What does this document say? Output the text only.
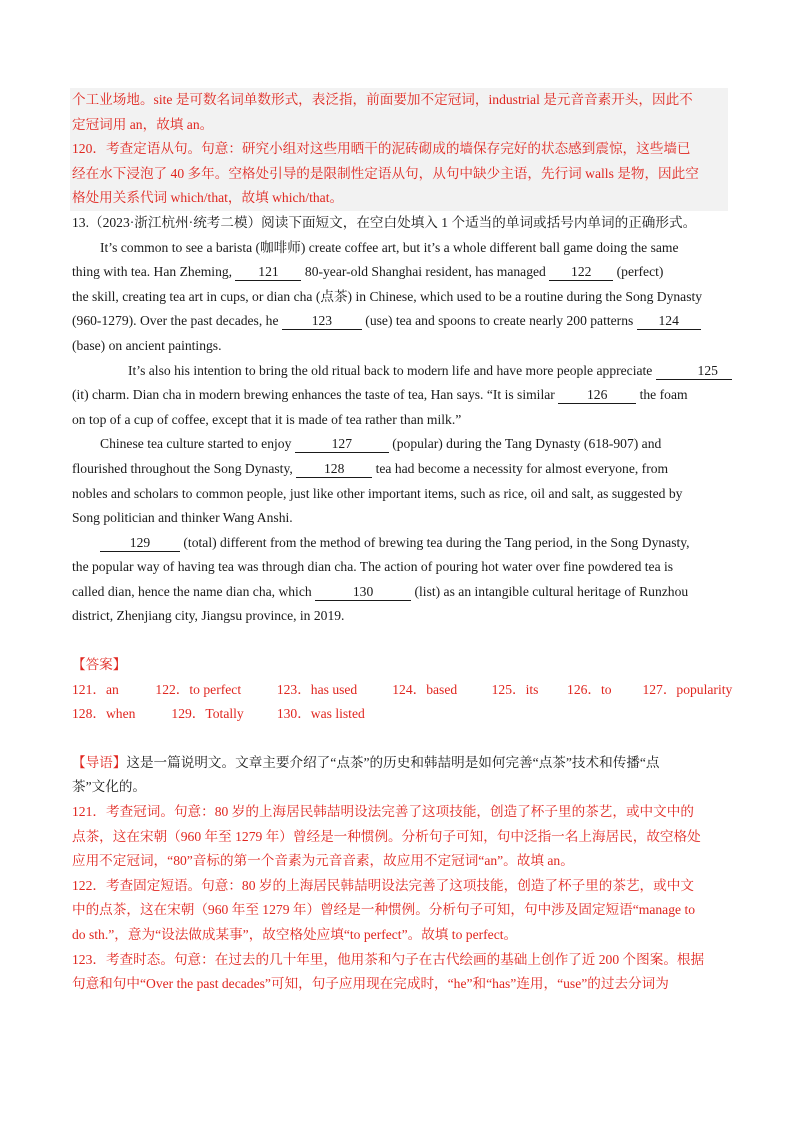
个工业场地。site 是可数名词单数形式，表泛指，前面要加不定冠词，industrial 是元音音素开头，因此不
定冠词用 an，故填 an。
120．考查定语从句。句意：研究小组对这些用晒干的泥砖砌成的墙保存完好的状态感到震惊，这些墙已
经在水下浸泡了 40 多年。空格处引导的是限制性定语从句，从句中缺少主语，先行词 walls 是物，因此空
格处用关系代词 which/that，故填 which/that。
13.（2023·浙江杭州·统考二模）阅读下面短文，在空白处填入 1 个适当的单词或括号内单词的正确形式。
It’s common to see a barista (咖啡师) create coffee art, but it’s a whole different ball game doing the same
thing with tea. Han Zheming, 121 80-year-old Shanghai resident, has managed 122 (perfect)
the skill, creating tea art in cups, or dian cha (点茶) in Chinese, which used to be a routine during the Song Dynasty
(960-1279). Over the past decades, he 123 (use) tea and spoons to create nearly 200 patterns 124
(base) on ancient paintings.
It’s also his intention to bring the old ritual back to modern life and have more people appreciate	125
(it) charm. Dian cha in modern brewing enhances the taste of tea, Han says. “It is similar 126 the foam
on top of a cup of coffee, except that it is made of tea rather than milk.”
Chinese tea culture started to enjoy	127	(popular) during the Tang Dynasty (618-907) and
flourished throughout the Song Dynasty, 128 tea had become a necessity for almost everyone, from
nobles and scholars to common people, just like other important items, such as rice, oil and salt, as suggested by
Song politician and thinker Wang Anshi.
129 (total) different from the method of brewing tea during the Tang period, in the Song Dynasty,
the popular way of having tea was through dian cha. The action of pouring hot water over fine powdered tea is
called dian, hence the name dian cha, which	130	(list) as an intangible cultural heritage of Runzhou
district, Zhenjiang city, Jiangsu province, in 2019.
【答案】
121．an	122．to perfect	123．has used	124．based	125．its 126．to 127．popularity
128．when	129．Totally 130．was listed
【导语】这是一篇说明文。文章主要介绍了“点茶”的历史和韩喆明是如何完善“点茶”技术和传播“点
茶”文化的。
121．考查冠词。句意：80 岁的上海居民韩喆明设法完善了这项技能，创造了杯子里的茶艺，或中文中的
点茶，这在宋朝（960 年至 1279 年）曾经是一种惯例。分析句子可知，句中泛指一名上海居民，故空格处
应用不定冠词，“80”音标的第一个音素为元音音素，故应用不定冠词“an”。故填 an。
122．考查固定短语。句意：80 岁的上海居民韩喆明设法完善了这项技能，创造了杯子里的茶艺，或中文
中的点茶，这在宋朝（960 年至 1279 年）曾经是一种惯例。分析句子可知，句中涉及固定短语“manage to
do sth.”，意为“设法做成某事”，故空格处应填“to perfect”。故填 to perfect。
123．考查时态。句意：在过去的几十年里，他用茶和勺子在古代绘画的基础上创作了近 200 个图案。根据
句意和句中“Over the past decades”可知，句子应用现在完成时，“he”和“has”连用，“use”的过去分词为
